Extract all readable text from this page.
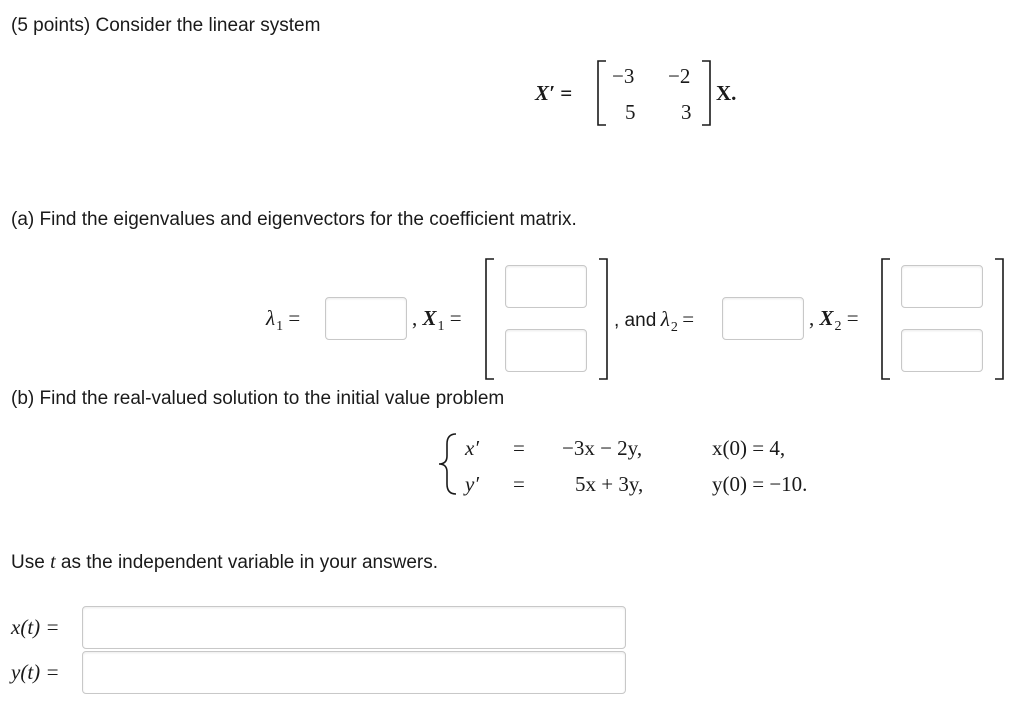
(5 points) Consider the linear system
X′ =
−3 −2
5 3
X.
(a) Find the eigenvalues and eigenvectors for the coefficient matrix.
$\lambda_1$ =	, $X_1$ =	, and λ2 =	, $X_2$ =
(b) Find the real-valued solution to the initial value problem
x′ = −3x − 2y,	x(0) = 4,
y′ = 5x + 3y,	y(0) = −10.
Use t as the independent variable in your answers.
x(t) =
y(t) =
